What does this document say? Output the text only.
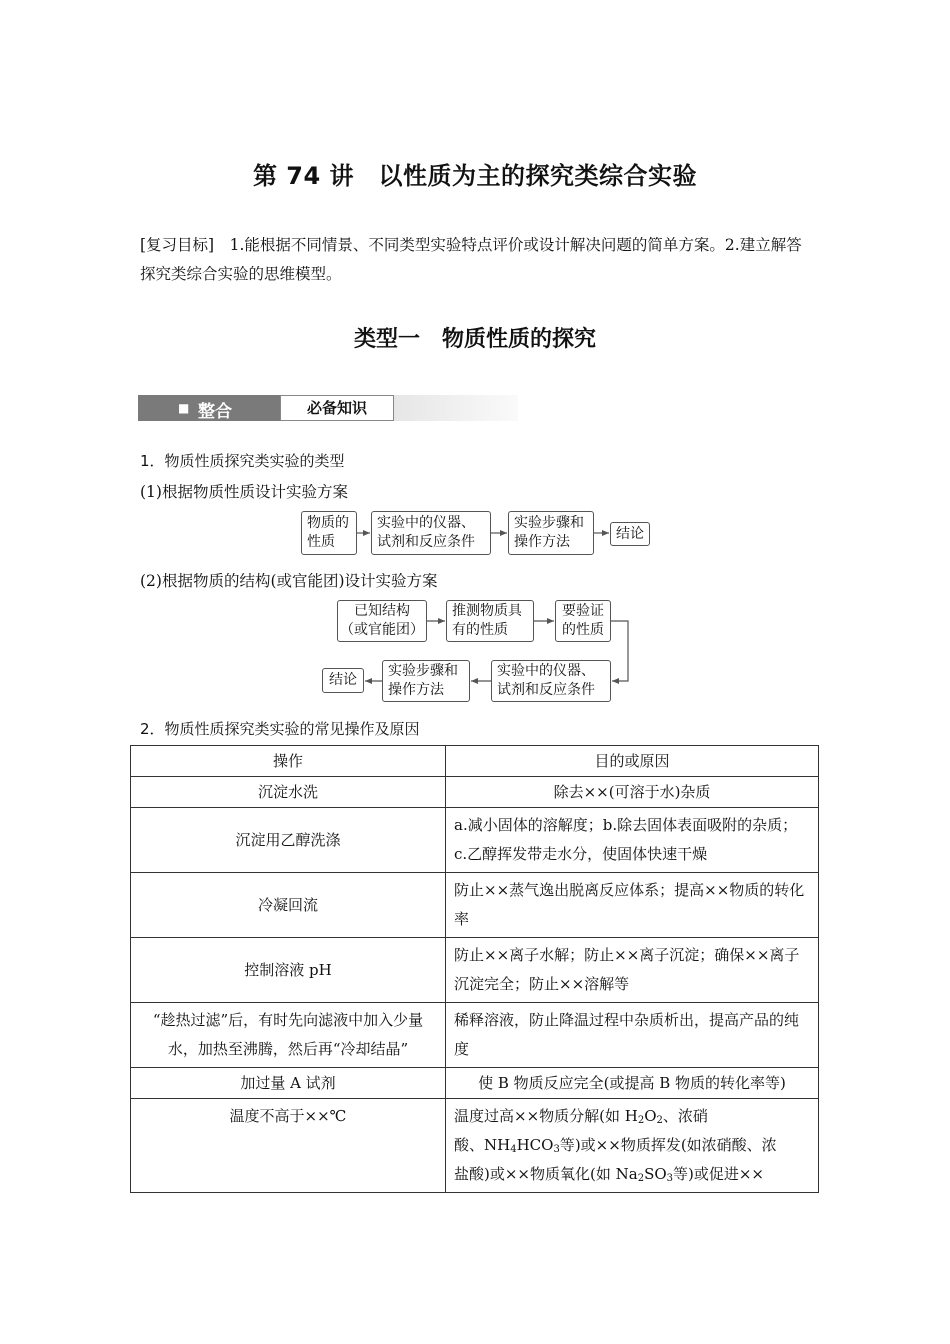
第 74 讲　以性质为主的探究类综合实验
[复习目标]　1.能根据不同情景、不同类型实验特点评价或设计解决问题的简单方案。2.建立解答探究类综合实验的思维模型。
类型一　物质性质的探究
■ 整合	必备知识
1．物质性质探究类实验的类型
(1)根据物质性质设计实验方案
物质的
性质
实验中的仪器、
试剂和反应条件
实验步骤和
操作方法
结论
(2)根据物质的结构(或官能团)设计实验方案
已知结构
（或官能团）
推测物质具
有的性质
要验证
的性质
实验中的仪器、
试剂和反应条件
实验步骤和
操作方法
结论
2．物质性质探究类实验的常见操作及原因
操作	目的或原因
沉淀水洗	除去××(可溶于水)杂质
沉淀用乙醇洗涤	a.减小固体的溶解度；b.除去固体表面吸附的杂质；c.乙醇挥发带走水分，使固体快速干燥
冷凝回流	防止××蒸气逸出脱离反应体系；提高××物质的转化率
控制溶液 pH	防止××离子水解；防止××离子沉淀；确保××离子沉淀完全；防止××溶解等
“趁热过滤”后，有时先向滤液中加入少量水，加热至沸腾，然后再“冷却结晶”	稀释溶液，防止降温过程中杂质析出，提高产品的纯度
加过量 A 试剂	使 B 物质反应完全(或提高 B 物质的转化率等)
温度不高于××℃	温度过高××物质分解(如 $H_2O_2$、浓硝
酸、$NH_4HCO_3$等)或××物质挥发(如浓硝酸、浓
盐酸)或××物质氧化(如 $Na_2SO_3$等)或促进××
